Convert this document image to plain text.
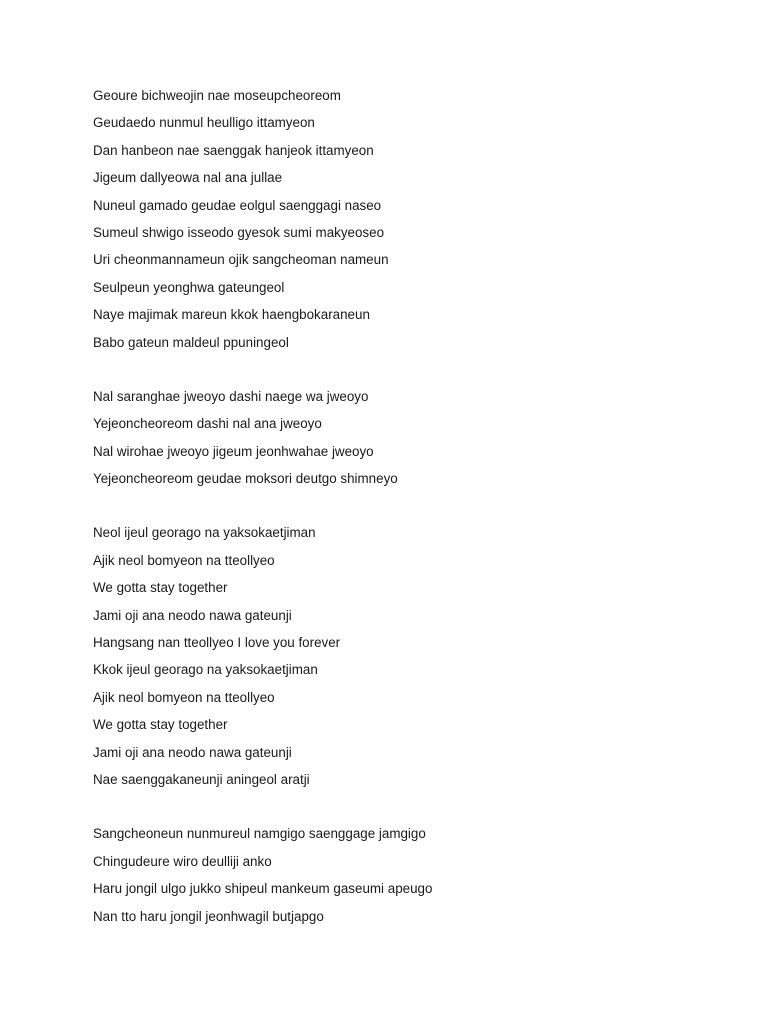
Geoure bichweojin nae moseupcheoreom
Geudaedo nunmul heulligo ittamyeon
Dan hanbeon nae saenggak hanjeok ittamyeon
Jigeum dallyeowa nal ana jullae
Nuneul gamado geudae eolgul saenggagi naseo
Sumeul shwigo isseodo gyesok sumi makyeoseo
Uri cheonmannameun ojik sangcheoman nameun
Seulpeun yeonghwa gateungeol
Naye majimak mareun kkok haengbokaraneun
Babo gateun maldeul ppuningeol
Nal saranghae jweoyo dashi naege wa jweoyo
Yejeoncheoreom dashi nal ana jweoyo
Nal wirohae jweoyo jigeum jeonhwahae jweoyo
Yejeoncheoreom geudae moksori deutgo shimneyo
Neol ijeul georago na yaksokaetjiman
Ajik neol bomyeon na tteollyeo
We gotta stay together
Jami oji ana neodo nawa gateunji
Hangsang nan tteollyeo I love you forever
Kkok ijeul georago na yaksokaetjiman
Ajik neol bomyeon na tteollyeo
We gotta stay together
Jami oji ana neodo nawa gateunji
Nae saenggakaneunji aningeol aratji
Sangcheoneun nunmureul namgigo saenggage jamgigo
Chingudeure wiro deulliji anko
Haru jongil ulgo jukko shipeul mankeum gaseumi apeugo
Nan tto haru jongil jeonhwagil butjapgo
